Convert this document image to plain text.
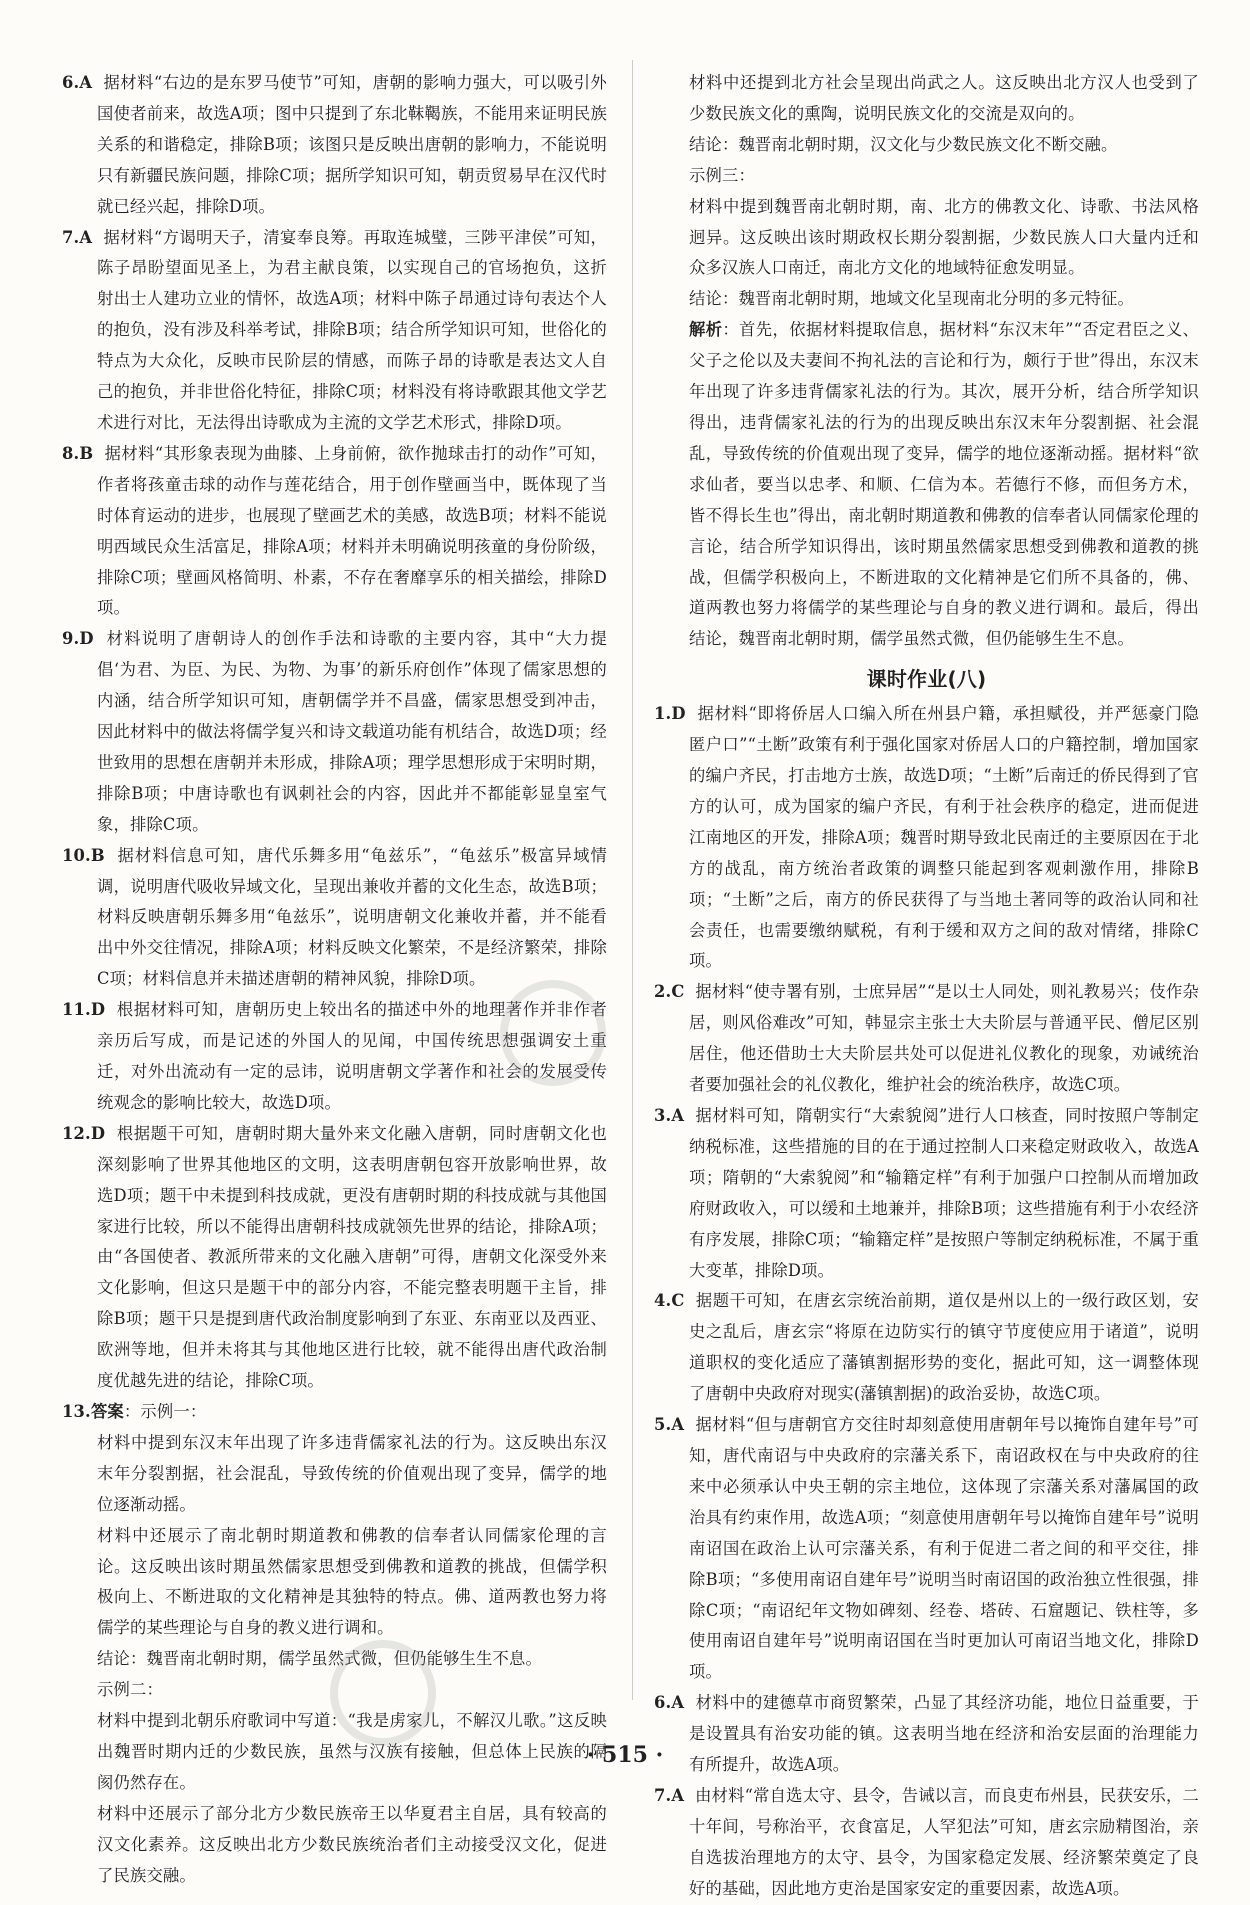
6.A 据材料“右边的是东罗马使节”可知，唐朝的影响力强大，可以吸引外国使者前来，故选A项；图中只提到了东北靺鞨族，不能用来证明民族关系的和谐稳定，排除B项；该图只是反映出唐朝的影响力，不能说明只有新疆民族问题，排除C项；据所学知识可知，朝贡贸易早在汉代时就已经兴起，排除D项。

7.A 据材料“方谒明天子，清宴奉良筹。再取连城璧，三陟平津侯”可知，陈子昂盼望面见圣上，为君主献良策，以实现自己的官场抱负，这折射出士人建功立业的情怀，故选A项；材料中陈子昂通过诗句表达个人的抱负，没有涉及科举考试，排除B项；结合所学知识可知，世俗化的特点为大众化，反映市民阶层的情感，而陈子昂的诗歌是表达文人自己的抱负，并非世俗化特征，排除C项；材料没有将诗歌跟其他文学艺术进行对比，无法得出诗歌成为主流的文学艺术形式，排除D项。

8.B 据材料“其形象表现为曲膝、上身前俯，欲作抛球击打的动作”可知，作者将孩童击球的动作与莲花结合，用于创作壁画当中，既体现了当时体育运动的进步，也展现了壁画艺术的美感，故选B项；材料不能说明西域民众生活富足，排除A项；材料并未明确说明孩童的身份阶级，排除C项；壁画风格简明、朴素，不存在奢靡享乐的相关描绘，排除D项。

9.D 材料说明了唐朝诗人的创作手法和诗歌的主要内容，其中“大力提倡‘为君、为臣、为民、为物、为事’的新乐府创作”体现了儒家思想的内涵，结合所学知识可知，唐朝儒学并不昌盛，儒家思想受到冲击，因此材料中的做法将儒学复兴和诗文载道功能有机结合，故选D项；经世致用的思想在唐朝并未形成，排除A项；理学思想形成于宋明时期，排除B项；中唐诗歌也有讽刺社会的内容，因此并不都能彰显皇室气象，排除C项。

10.B 据材料信息可知，唐代乐舞多用“龟兹乐”，“龟兹乐”极富异域情调，说明唐代吸收异域文化，呈现出兼收并蓄的文化生态，故选B项；材料反映唐朝乐舞多用“龟兹乐”，说明唐朝文化兼收并蓄，并不能看出中外交往情况，排除A项；材料反映文化繁荣，不是经济繁荣，排除C项；材料信息并未描述唐朝的精神风貌，排除D项。

11.D 根据材料可知，唐朝历史上较出名的描述中外的地理著作并非作者亲历后写成，而是记述的外国人的见闻，中国传统思想强调安土重迁，对外出流动有一定的忌讳，说明唐朝文学著作和社会的发展受传统观念的影响比较大，故选D项。

12.D 根据题干可知，唐朝时期大量外来文化融入唐朝，同时唐朝文化也深刻影响了世界其他地区的文明，这表明唐朝包容开放影响世界，故选D项；题干中未提到科技成就，更没有唐朝时期的科技成就与其他国家进行比较，所以不能得出唐朝科技成就领先世界的结论，排除A项；由“各国使者、教派所带来的文化融入唐朝”可得，唐朝文化深受外来文化影响，但这只是题干中的部分内容，不能完整表明题干主旨，排除B项；题干只是提到唐代政治制度影响到了东亚、东南亚以及西亚、欧洲等地，但并未将其与其他地区进行比较，就不能得出唐代政治制度优越先进的结论，排除C项。

13.答案：示例一：

材料中提到东汉末年出现了许多违背儒家礼法的行为。这反映出东汉末年分裂割据，社会混乱，导致传统的价值观出现了变异，儒学的地位逐渐动摇。

材料中还展示了南北朝时期道教和佛教的信奉者认同儒家伦理的言论。这反映出该时期虽然儒家思想受到佛教和道教的挑战，但儒学积极向上、不断进取的文化精神是其独特的特点。佛、道两教也努力将儒学的某些理论与自身的教义进行调和。

结论：魏晋南北朝时期，儒学虽然式微，但仍能够生生不息。

示例二：

材料中提到北朝乐府歌词中写道：“我是虏家儿，不解汉儿歌。”这反映出魏晋时期内迁的少数民族，虽然与汉族有接触，但总体上民族的隔阂仍然存在。

材料中还展示了部分北方少数民族帝王以华夏君主自居，具有较高的汉文化素养。这反映出北方少数民族统治者们主动接受汉文化，促进了民族交融。

材料中还提到北方社会呈现出尚武之人。这反映出北方汉人也受到了少数民族文化的熏陶，说明民族文化的交流是双向的。

结论：魏晋南北朝时期，汉文化与少数民族文化不断交融。

示例三：

材料中提到魏晋南北朝时期，南、北方的佛教文化、诗歌、书法风格迥异。这反映出该时期政权长期分裂割据，少数民族人口大量内迁和众多汉族人口南迁，南北方文化的地域特征愈发明显。

结论：魏晋南北朝时期，地域文化呈现南北分明的多元特征。

解析：首先，依据材料提取信息，据材料“东汉末年”“否定君臣之义、父子之伦以及夫妻间不拘礼法的言论和行为，颇行于世”得出，东汉末年出现了许多违背儒家礼法的行为。其次，展开分析，结合所学知识得出，违背儒家礼法的行为的出现反映出东汉末年分裂割据、社会混乱，导致传统的价值观出现了变异，儒学的地位逐渐动摇。据材料“欲求仙者，要当以忠孝、和顺、仁信为本。若德行不修，而但务方术，皆不得长生也”得出，南北朝时期道教和佛教的信奉者认同儒家伦理的言论，结合所学知识得出，该时期虽然儒家思想受到佛教和道教的挑战，但儒学积极向上，不断进取的文化精神是它们所不具备的，佛、道两教也努力将儒学的某些理论与自身的教义进行调和。最后，得出结论，魏晋南北朝时期，儒学虽然式微，但仍能够生生不息。

课时作业(八)

1.D 据材料“即将侨居人口编入所在州县户籍，承担赋役，并严惩豪门隐匿户口”“土断”政策有利于强化国家对侨居人口的户籍控制，增加国家的编户齐民，打击地方士族，故选D项；“土断”后南迁的侨民得到了官方的认可，成为国家的编户齐民，有利于社会秩序的稳定，进而促进江南地区的开发，排除A项；魏晋时期导致北民南迁的主要原因在于北方的战乱，南方统治者政策的调整只能起到客观刺激作用，排除B项；“土断”之后，南方的侨民获得了与当地土著同等的政治认同和社会责任，也需要缴纳赋税，有利于缓和双方之间的敌对情绪，排除C项。

2.C 据材料“使寺署有别，士庶异居”“是以士人同处，则礼教易兴；伎作杂居，则风俗难改”可知，韩显宗主张士大夫阶层与普通平民、僧尼区别居住，他还借助士大夫阶层共处可以促进礼仪教化的现象，劝诫统治者要加强社会的礼仪教化，维护社会的统治秩序，故选C项。

3.A 据材料可知，隋朝实行“大索貌阅”进行人口核查，同时按照户等制定纳税标准，这些措施的目的在于通过控制人口来稳定财政收入，故选A项；隋朝的“大索貌阅”和“输籍定样”有利于加强户口控制从而增加政府财政收入，可以缓和土地兼并，排除B项；这些措施有利于小农经济有序发展，排除C项；“输籍定样”是按照户等制定纳税标准，不属于重大变革，排除D项。

4.C 据题干可知，在唐玄宗统治前期，道仅是州以上的一级行政区划，安史之乱后，唐玄宗“将原在边防实行的镇守节度使应用于诸道”，说明道职权的变化适应了藩镇割据形势的变化，据此可知，这一调整体现了唐朝中央政府对现实(藩镇割据)的政治妥协，故选C项。

5.A 据材料“但与唐朝官方交往时却刻意使用唐朝年号以掩饰自建年号”可知，唐代南诏与中央政府的宗藩关系下，南诏政权在与中央政府的往来中必须承认中央王朝的宗主地位，这体现了宗藩关系对藩属国的政治具有约束作用，故选A项；“刻意使用唐朝年号以掩饰自建年号”说明南诏国在政治上认可宗藩关系，有利于促进二者之间的和平交往，排除B项；“多使用南诏自建年号”说明当时南诏国的政治独立性很强，排除C项；“南诏纪年文物如碑刻、经卷、塔砖、石窟题记、铁柱等，多使用南诏自建年号”说明南诏国在当时更加认可南诏当地文化，排除D项。

6.A 材料中的建德草市商贸繁荣，凸显了其经济功能，地位日益重要，于是设置具有治安功能的镇。这表明当地在经济和治安层面的治理能力有所提升，故选A项。

7.A 由材料“常自选太守、县令，告诫以言，而良吏布州县，民获安乐，二十年间，号称治平，衣食富足，人罕犯法”可知，唐玄宗励精图治，亲自选拔治理地方的太守、县令，为国家稳定发展、经济繁荣奠定了良好的基础，因此地方吏治是国家安定的重要因素，故选A项。

· 515 ·
